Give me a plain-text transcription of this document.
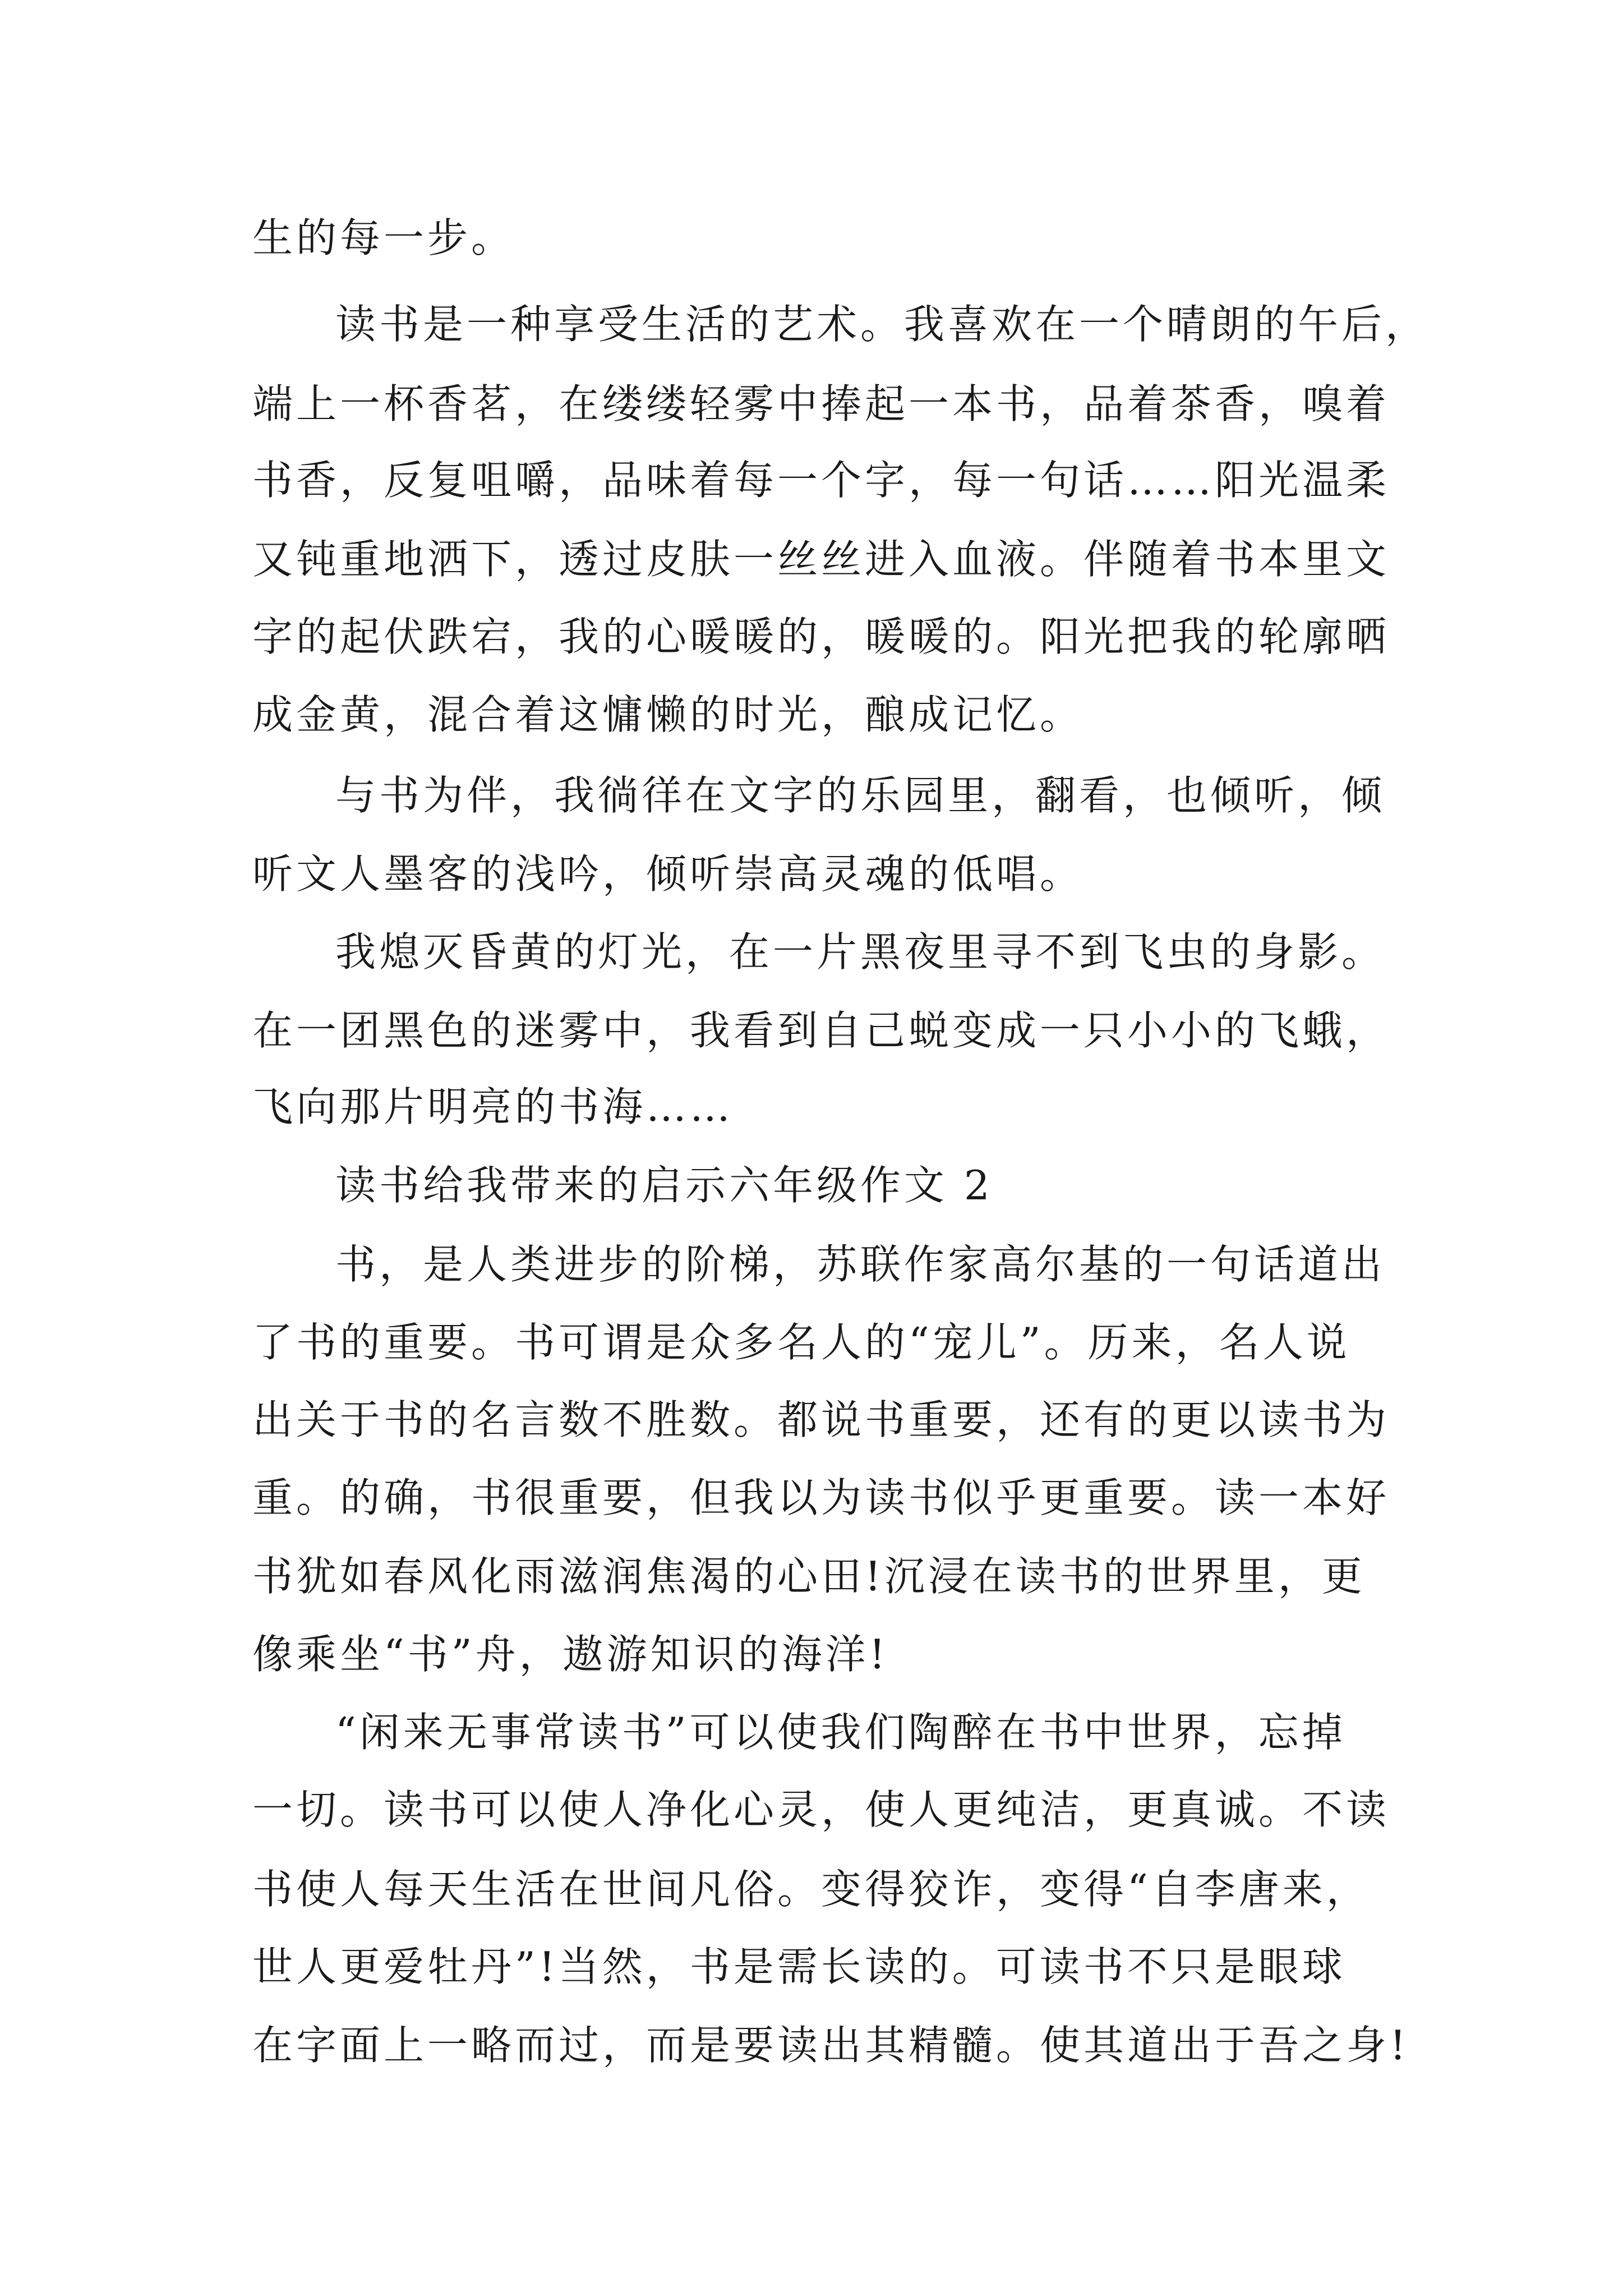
生的每一步。
读书是一种享受生活的艺术。我喜欢在一个晴朗的午后，
端上一杯香茗，在缕缕轻雾中捧起一本书，品着茶香，嗅着
书香，反复咀嚼，品味着每一个字，每一句话……阳光温柔
又钝重地洒下，透过皮肤一丝丝进入血液。伴随着书本里文
字的起伏跌宕，我的心暖暖的，暖暖的。阳光把我的轮廓晒
成金黄，混合着这慵懒的时光，酿成记忆。
与书为伴，我徜徉在文字的乐园里，翻看，也倾听，倾
听文人墨客的浅吟，倾听崇高灵魂的低唱。
我熄灭昏黄的灯光，在一片黑夜里寻不到飞虫的身影。
在一团黑色的迷雾中，我看到自己蜕变成一只小小的飞蛾，
飞向那片明亮的书海……
读书给我带来的启示六年级作文 2
书，是人类进步的阶梯，苏联作家高尔基的一句话道出
了书的重要。书可谓是众多名人的“宠儿”。历来，名人说
出关于书的名言数不胜数。都说书重要，还有的更以读书为
重。的确，书很重要，但我以为读书似乎更重要。读一本好
书犹如春风化雨滋润焦渴的心田!沉浸在读书的世界里，更
像乘坐“书”舟，遨游知识的海洋!
“闲来无事常读书”可以使我们陶醉在书中世界，忘掉
一切。读书可以使人净化心灵，使人更纯洁，更真诚。不读
书使人每天生活在世间凡俗。变得狡诈，变得“自李唐来，
世人更爱牡丹”!当然，书是需长读的。可读书不只是眼球
在字面上一略而过，而是要读出其精髓。使其道出于吾之身!
